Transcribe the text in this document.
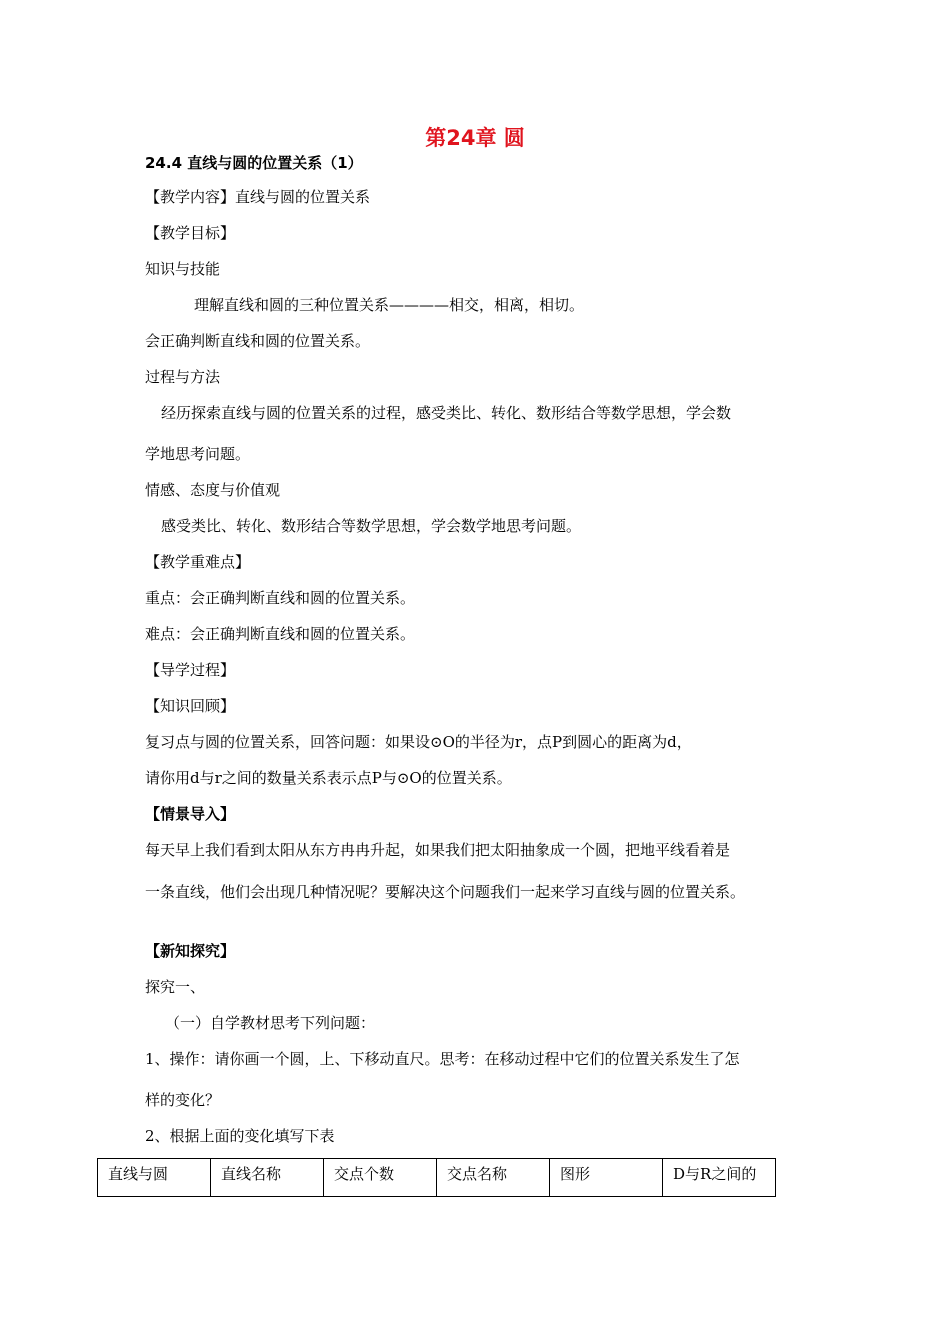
第24章 圆
24.4 直线与圆的位置关系（1）
【教学内容】直线与圆的位置关系
【教学目标】
知识与技能
理解直线和圆的三种位置关系————相交，相离，相切。
会正确判断直线和圆的位置关系。
过程与方法
经历探索直线与圆的位置关系的过程，感受类比、转化、数形结合等数学思想，学会数
学地思考问题。
情感、态度与价值观
感受类比、转化、数形结合等数学思想，学会数学地思考问题。
【教学重难点】
重点：会正确判断直线和圆的位置关系。
难点：会正确判断直线和圆的位置关系。
【导学过程】
【知识回顾】
复习点与圆的位置关系，回答问题：如果设⊙O的半径为r，点P到圆心的距离为d，
请你用d与r之间的数量关系表示点P与⊙O的位置关系。
【情景导入】
每天早上我们看到太阳从东方冉冉升起，如果我们把太阳抽象成一个圆，把地平线看着是
一条直线，他们会出现几种情况呢？要解决这个问题我们一起来学习直线与圆的位置关系。
【新知探究】
探究一、
（一）自学教材思考下列问题：
1、操作：请你画一个圆，上、下移动直尺。思考：在移动过程中它们的位置关系发生了怎
样的变化？
2、根据上面的变化填写下表
直线与圆	直线名称	交点个数	交点名称	图形	D与R之间的
